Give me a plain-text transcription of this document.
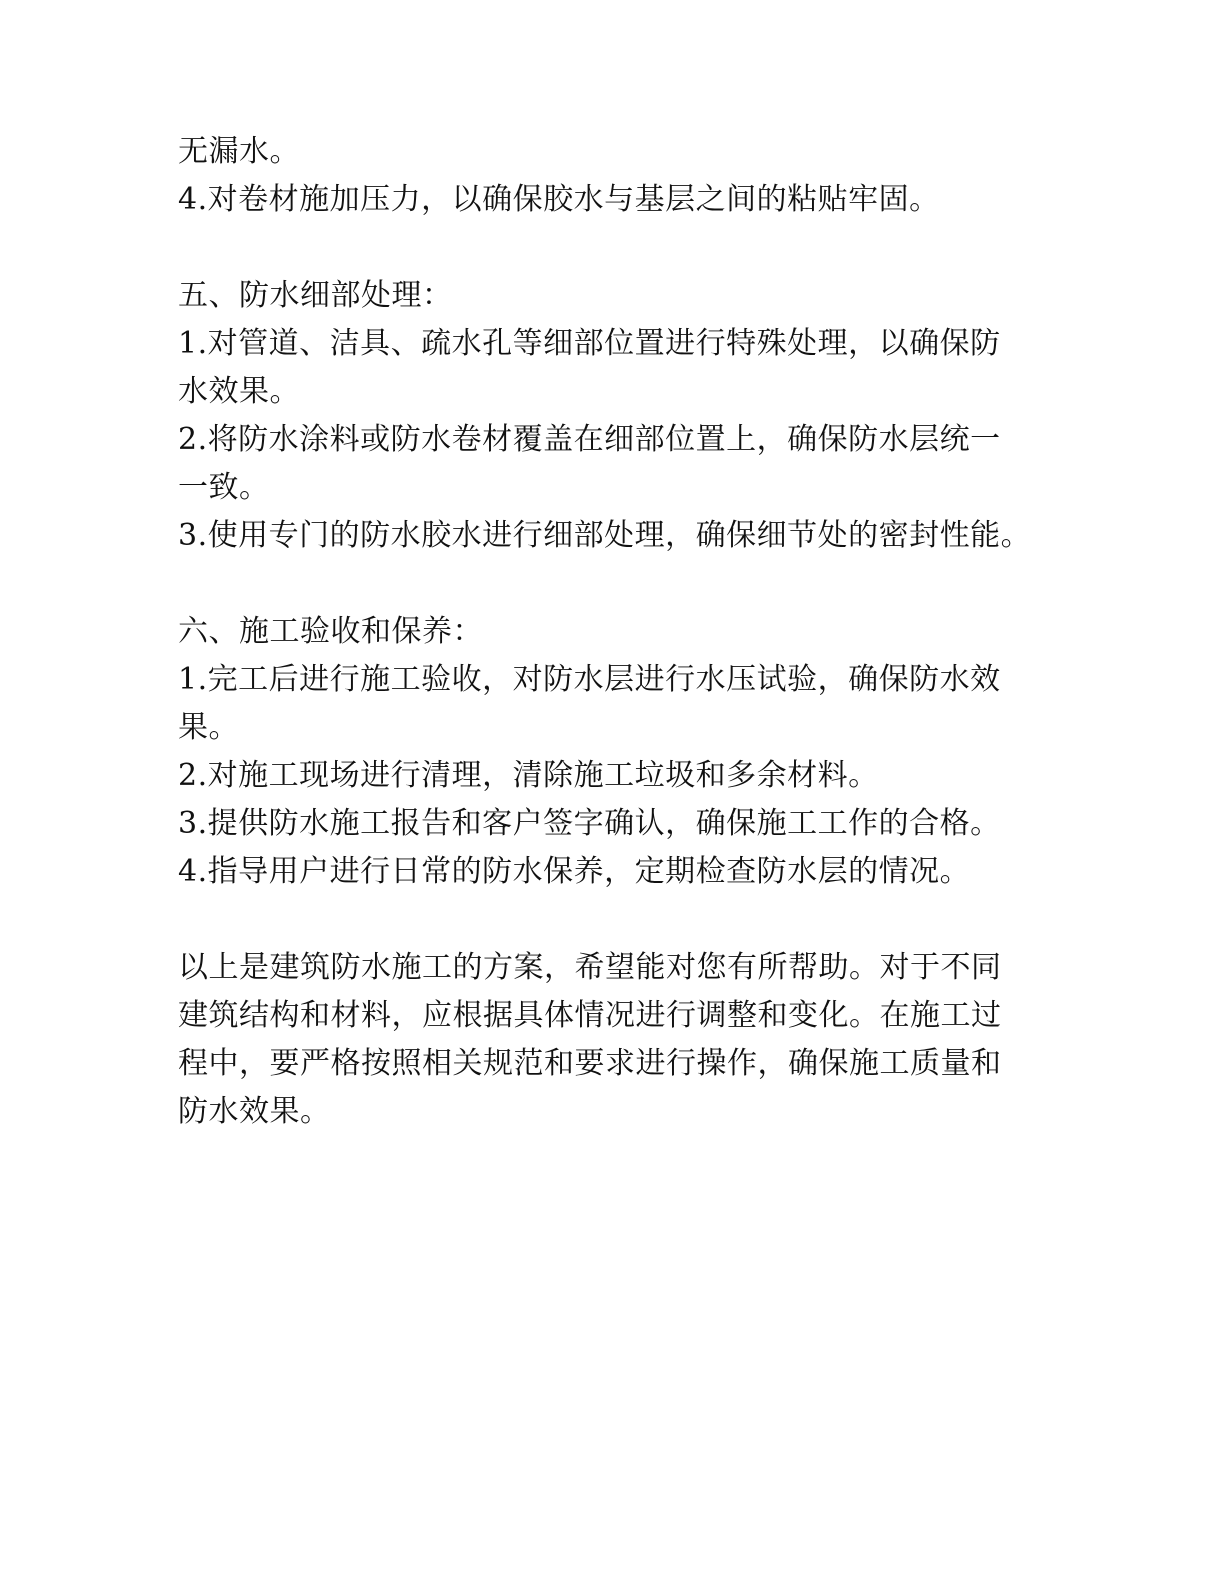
无漏水。
4.对卷材施加压力，以确保胶水与基层之间的粘贴牢固。
五、防水细部处理：
1.对管道、洁具、疏水孔等细部位置进行特殊处理，以确保防
水效果。
2.将防水涂料或防水卷材覆盖在细部位置上，确保防水层统一
一致。
3.使用专门的防水胶水进行细部处理，确保细节处的密封性能。
六、施工验收和保养：
1.完工后进行施工验收，对防水层进行水压试验，确保防水效
果。
2.对施工现场进行清理，清除施工垃圾和多余材料。
3.提供防水施工报告和客户签字确认，确保施工工作的合格。
4.指导用户进行日常的防水保养，定期检查防水层的情况。
以上是建筑防水施工的方案，希望能对您有所帮助。对于不同
建筑结构和材料，应根据具体情况进行调整和变化。在施工过
程中，要严格按照相关规范和要求进行操作，确保施工质量和
防水效果。
